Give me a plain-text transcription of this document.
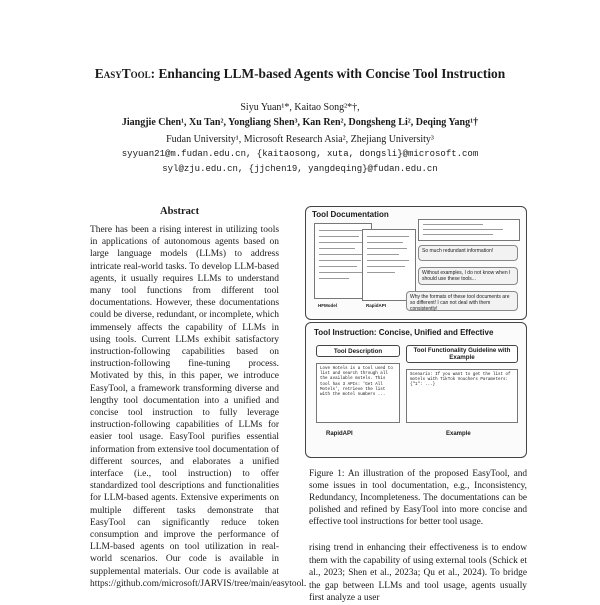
EasyTool: Enhancing LLM-based Agents with Concise Tool Instruction
Siyu Yuan¹*, Kaitao Song²*†,
Jiangjie Chen¹, Xu Tan², Yongliang Shen³, Kan Ren², Dongsheng Li², Deqing Yang¹†
Fudan University¹, Microsoft Research Asia², Zhejiang University³
syyuan21@m.fudan.edu.cn, {kaitaosong, xuta, dongsli}@microsoft.com
syl@zju.edu.cn, {jjchen19, yangdeqing}@fudan.edu.cn
Abstract

There has been a rising interest in utilizing tools in applications of autonomous agents based on large language models (LLMs) to address intricate real-world tasks. To develop LLM-based agents, it usually requires LLMs to understand many tool functions from different tool documentations. However, these documentations could be diverse, redundant, or incomplete, which immensely affects the capability of LLMs in using tools. Current LLMs exhibit satisfactory instruction-following capabilities based on instruction-following fine-tuning process. Motivated by this, in this paper, we introduce EasyTool, a framework transforming diverse and lengthy tool documentation into a unified and concise tool instruction to fully leverage instruction-following capabilities of LLMs for easier tool usage. EasyTool purifies essential information from extensive tool documentation of different sources, and elaborates a unified interface (i.e., tool instruction) to offer standardized tool descriptions and functionalities for LLM-based agents. Extensive experiments on multiple different tasks demonstrate that EasyTool can significantly reduce token consumption and improve the performance of LLM-based agents on tool utilization in real-world scenarios. Our code is available in supplemental materials. Our code is available at https://github.com/microsoft/JARVIS/tree/main/easytool.

Tool Documentation
So much redundant information!
Without examples, I do not know when I should use these tools...
Why the formats of these tool documents are so different! I can not deal with them consistently!
HFModel	RapidAPI
Tool Instruction: Concise, Unified and Effective
Tool Description	Tool Functionality Guideline with Example
Love Hotels is a tool used to list and search through all the available motels. This tool has 3 APIs: 'Get All Motels', retrieve the list with the motel numbers ...
Scenario: If you want to get the list of motels with TikTok Vouchers Parameters: {"1": ...}
RapidAPI	Example

Figure 1: An illustration of the proposed EasyTool, and some issues in tool documentation, e.g., Inconsistency, Redundancy, Incompleteness. The documentations can be polished and refined by EasyTool into more concise and effective tool instructions for better tool usage.

rising trend in enhancing their effectiveness is to endow them with the capability of using external tools (Schick et al., 2023; Shen et al., 2023a; Qu et al., 2024). To bridge the gap between LLMs and tool usage, agents usually first analyze a user
